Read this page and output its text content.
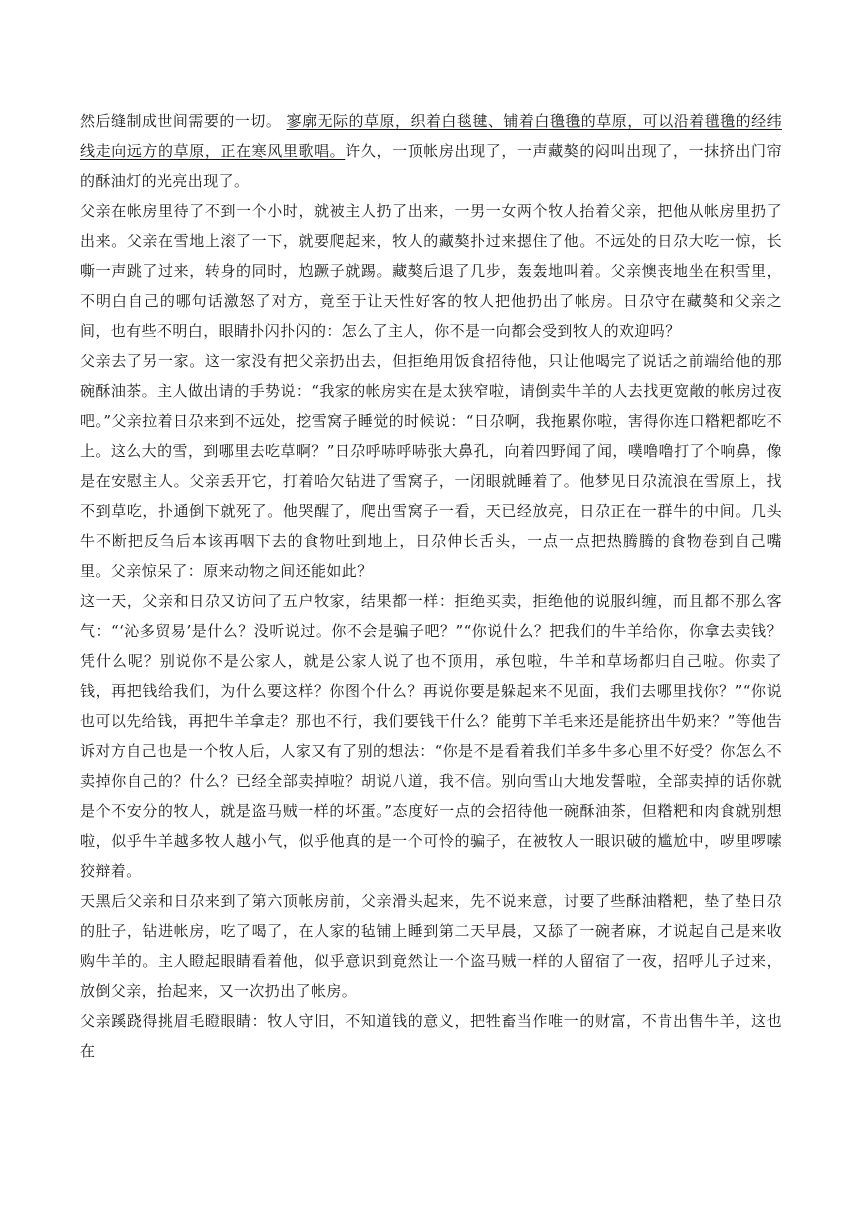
然后缝制成世间需要的一切。 寥廓无际的草原，织着白毯毽、铺着白氇氇的草原，可以沿着氆氇的经纬线走向远方的草原，正在寒风里歌唱。许久，一顶帐房出现了，一声藏獒的闷叫出现了，一抹挤出门帘的酥油灯的光亮出现了。

父亲在帐房里待了不到一个小时，就被主人扔了出来，一男一女两个牧人抬着父亲，把他从帐房里扔了出来。父亲在雪地上滚了一下，就要爬起来，牧人的藏獒扑过来摁住了他。不远处的日尕大吃一惊，长嘶一声跳了过来，转身的同时，尥蹶子就踢。藏獒后退了几步，轰轰地叫着。父亲懊丧地坐在积雪里，不明白自己的哪句话激怒了对方，竟至于让天性好客的牧人把他扔出了帐房。日尕守在藏獒和父亲之间，也有些不明白，眼睛扑闪扑闪的：怎么了主人，你不是一向都会受到牧人的欢迎吗？

父亲去了另一家。这一家没有把父亲扔出去，但拒绝用饭食招待他，只让他喝完了说话之前端给他的那碗酥油茶。主人做出请的手势说：“我家的帐房实在是太狭窄啦，请倒卖牛羊的人去找更宽敞的帐房过夜吧。”父亲拉着日尕来到不远处，挖雪窝子睡觉的时候说：“日尕啊，我拖累你啦，害得你连口糌粑都吃不上。这么大的雪，到哪里去吃草啊？”日尕呼哧呼哧张大鼻孔，向着四野闻了闻，噗噜噜打了个响鼻，像是在安慰主人。父亲丢开它，打着哈欠钻进了雪窝子，一闭眼就睡着了。他梦见日尕流浪在雪原上，找不到草吃，扑通倒下就死了。他哭醒了，爬出雪窝子一看，天已经放亮，日尕正在一群牛的中间。几头牛不断把反刍后本该再咽下去的食物吐到地上，日尕伸长舌头，一点一点把热腾腾的食物卷到自己嘴里。父亲惊呆了：原来动物之间还能如此？

这一天，父亲和日尕又访问了五户牧家，结果都一样：拒绝买卖，拒绝他的说服纠缠，而且都不那么客气：“‘沁多贸易’是什么？没听说过。你不会是骗子吧？”“你说什么？把我们的牛羊给你，你拿去卖钱？凭什么呢？别说你不是公家人，就是公家人说了也不顶用，承包啦，牛羊和草场都归自己啦。你卖了钱，再把钱给我们，为什么要这样？你图个什么？再说你要是躲起来不见面，我们去哪里找你？”“你说也可以先给钱，再把牛羊拿走？那也不行，我们要钱干什么？能剪下羊毛来还是能挤出牛奶来？”等他告诉对方自己也是一个牧人后，人家又有了别的想法：“你是不是看着我们羊多牛多心里不好受？你怎么不卖掉你自己的？什么？已经全部卖掉啦？胡说八道，我不信。别向雪山大地发誓啦，全部卖掉的话你就是个不安分的牧人，就是盗马贼一样的坏蛋。”态度好一点的会招待他一碗酥油茶，但糌粑和肉食就别想啦，似乎牛羊越多牧人越小气，似乎他真的是一个可怜的骗子，在被牧人一眼识破的尴尬中，哕里啰嗦狡辩着。

天黑后父亲和日尕来到了第六顶帐房前，父亲滑头起来，先不说来意，讨要了些酥油糌粑，垫了垫日尕的肚子，钻进帐房，吃了喝了，在人家的毡铺上睡到第二天早晨，又舔了一碗者麻，才说起自己是来收购牛羊的。主人瞪起眼睛看着他，似乎意识到竟然让一个盗马贼一样的人留宿了一夜，招呼儿子过来，放倒父亲，抬起来，又一次扔出了帐房。

父亲蹊跷得挑眉毛瞪眼睛：牧人守旧，不知道钱的意义，把牲畜当作唯一的财富，不肯出售牛羊，这也在
